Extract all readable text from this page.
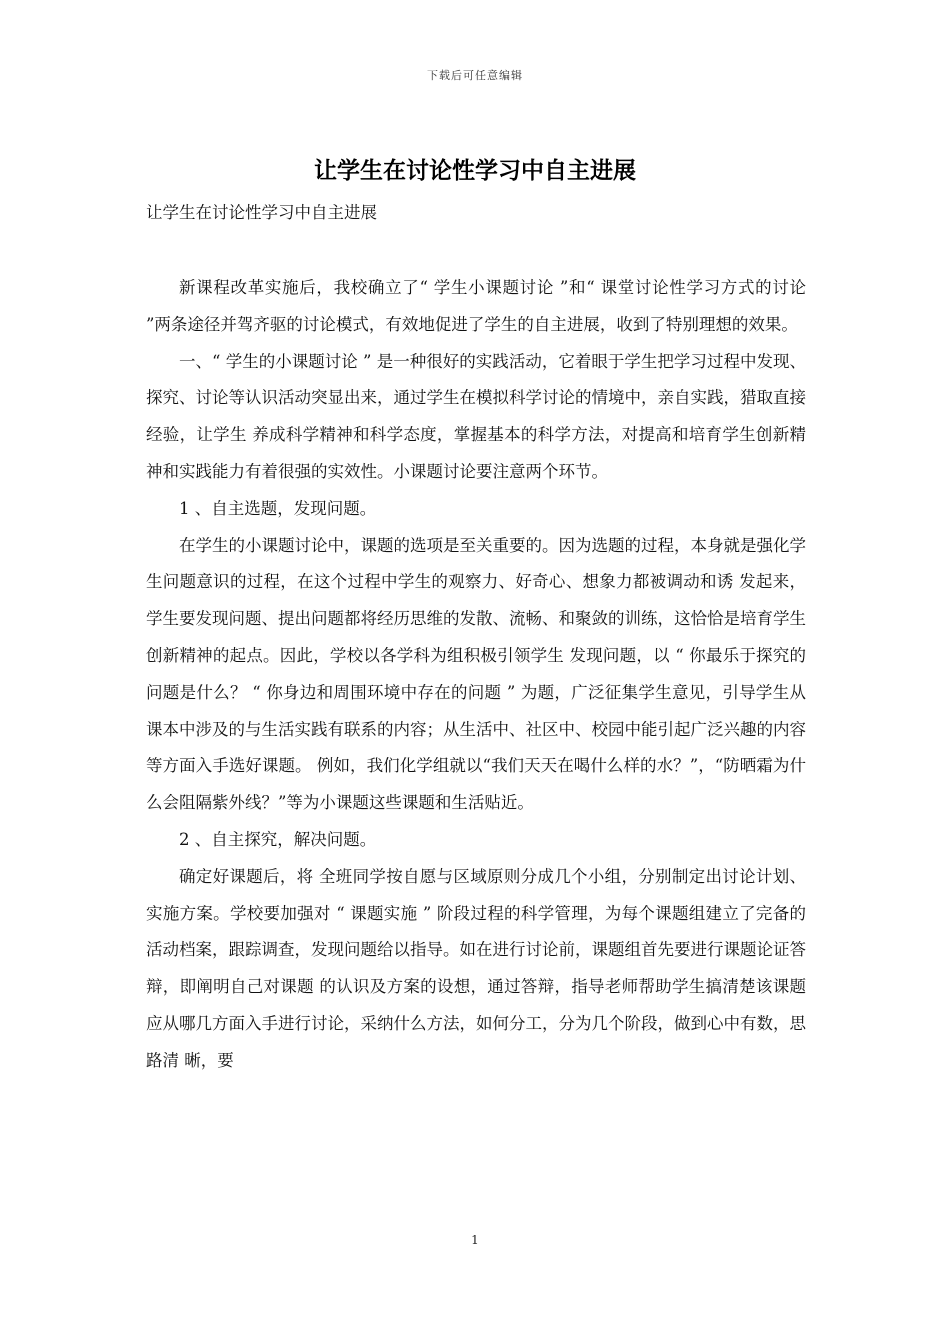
下载后可任意编辑
让学生在讨论性学习中自主进展
让学生在讨论性学习中自主进展

新课程改革实施后，我校确立了“ 学生小课题讨论 ”和“ 课堂讨论性学习方式的讨论 ”两条途径并驾齐驱的讨论模式，有效地促进了学生的自主进展，收到了特别理想的效果。

一、“ 学生的小课题讨论 ” 是一种很好的实践活动，它着眼于学生把学习过程中发现、探究、讨论等认识活动突显出来，通过学生在模拟科学讨论的情境中，亲自实践，猎取直接经验，让学生 养成科学精神和科学态度，掌握基本的科学方法，对提高和培育学生创新精神和实践能力有着很强的实效性。小课题讨论要注意两个环节。

1 、自主选题，发现问题。

在学生的小课题讨论中，课题的选项是至关重要的。因为选题的过程，本身就是强化学生问题意识的过程，在这个过程中学生的观察力、好奇心、想象力都被调动和诱 发起来，学生要发现问题、提出问题都将经历思维的发散、流畅、和聚敛的训练，这恰恰是培育学生创新精神的起点。因此，学校以各学科为组积极引领学生 发现问题，以 “ 你最乐于探究的问题是什么？ “ 你身边和周围环境中存在的问题 ” 为题，广泛征集学生意见，引导学生从课本中涉及的与生活实践有联系的内容；从生活中、社区中、校园中能引起广泛兴趣的内容等方面入手选好课题。 例如，我们化学组就以“我们天天在喝什么样的水？”，“防晒霜为什么会阻隔紫外线？”等为小课题这些课题和生活贴近。

2 、自主探究，解决问题。

确定好课题后，将 全班同学按自愿与区域原则分成几个小组，分别制定出讨论计划、实施方案。学校要加强对 “ 课题实施 ” 阶段过程的科学管理，为每个课题组建立了完备的活动档案，跟踪调查，发现问题给以指导。如在进行讨论前，课题组首先要进行课题论证答辩，即阐明自己对课题 的认识及方案的设想，通过答辩，指导老师帮助学生搞清楚该课题应从哪几方面入手进行讨论，采纳什么方法，如何分工，分为几个阶段，做到心中有数，思路清 晰，要

1
